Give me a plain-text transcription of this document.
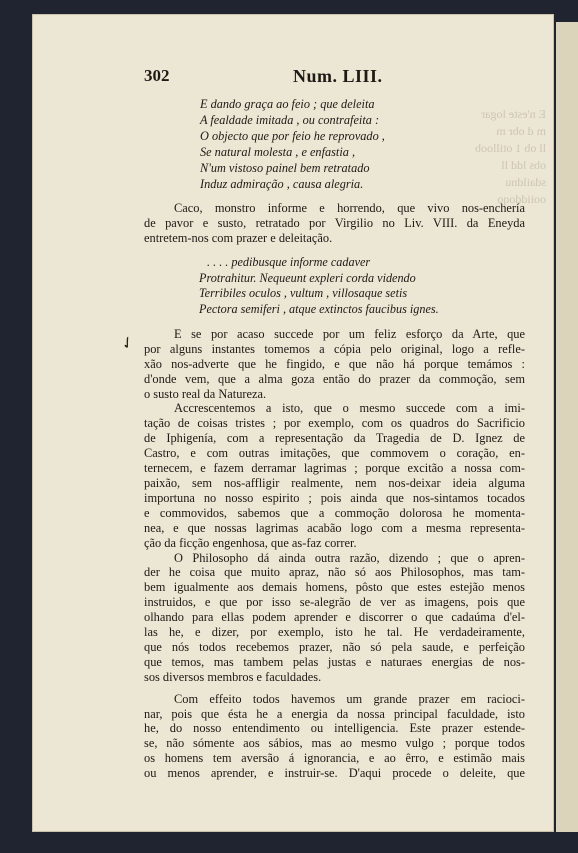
E n'este logar
m d obr m
ll ob 1 otilloob
obs ldd ll
sdaildnu
ooiiddoqo
✓
302	Num. LIII.
E dando graça ao feio ; que deleita
A fealdade imitada , ou contrafeita :
O objecto que por feio he reprovado ,
Se natural molesta , e enfastia ,
N'um vistoso painel bem retratado
Induz admiração , causa alegria.
Caco, monstro informe e horrendo, que vivo nos-enchería
de pavor e susto, retratado por Virgilio no Liv. VIII. da Eneyda
entretem-nos com prazer e deleitação.
. . . . pedibusque informe cadaver
Protrahitur. Nequeunt expleri corda videndo
Terribiles oculos , vultum , villosaque setis
Pectora semiferi , atque extinctos faucibus ignes.
E se por acaso succede por um feliz esforço da Arte, que
por alguns instantes tomemos a cópia pelo original, logo a refle-
xão nos-adverte que he fingido, e que não há porque temámos :
d'onde vem, que a alma goza então do prazer da commoção, sem
o susto real da Natureza.
Accrescentemos a isto, que o mesmo succede com a imi-
tação de coisas tristes ; por exemplo, com os quadros do Sacrificio
de Iphigenía, com a representação da Tragedia de D. Ignez de
Castro, e com outras imitações, que commovem o coração, en-
ternecem, e fazem derramar lagrimas ; porque excitão a nossa com-
paixão, sem nos-affligir realmente, nem nos-deixar ideia alguma
importuna no nosso espirito ; pois ainda que nos-sintamos tocados
e commovidos, sabemos que a commoção dolorosa he momenta-
nea, e que nossas lagrimas acabão logo com a mesma representa-
ção da ficção engenhosa, que as-faz correr.
O Philosopho dá ainda outra razão, dizendo ; que o apren-
der he coisa que muito apraz, não só aos Philosophos, mas tam-
bem igualmente aos demais homens, pôsto que estes estejão menos
instruidos, e que por isso se-alegrão de ver as imagens, pois que
olhando para ellas podem aprender e discorrer o que cadaúma d'el-
las he, e dizer, por exemplo, isto he tal. He verdadeiramente,
que nós todos recebemos prazer, não só pela saude, e perfeição
que temos, mas tambem pelas justas e naturaes energias de nos-
sos diversos membros e faculdades.
Com effeito todos havemos um grande prazer em racioci-
nar, pois que ésta he a energia da nossa principal faculdade, isto
he, do nosso entendimento ou intelligencia. Este prazer estende-
se, não sómente aos sábios, mas ao mesmo vulgo ; porque todos
os homens tem aversão á ignorancia, e ao êrro, e estimão mais
ou menos aprender, e instruir-se. D'aqui procede o deleite, que
